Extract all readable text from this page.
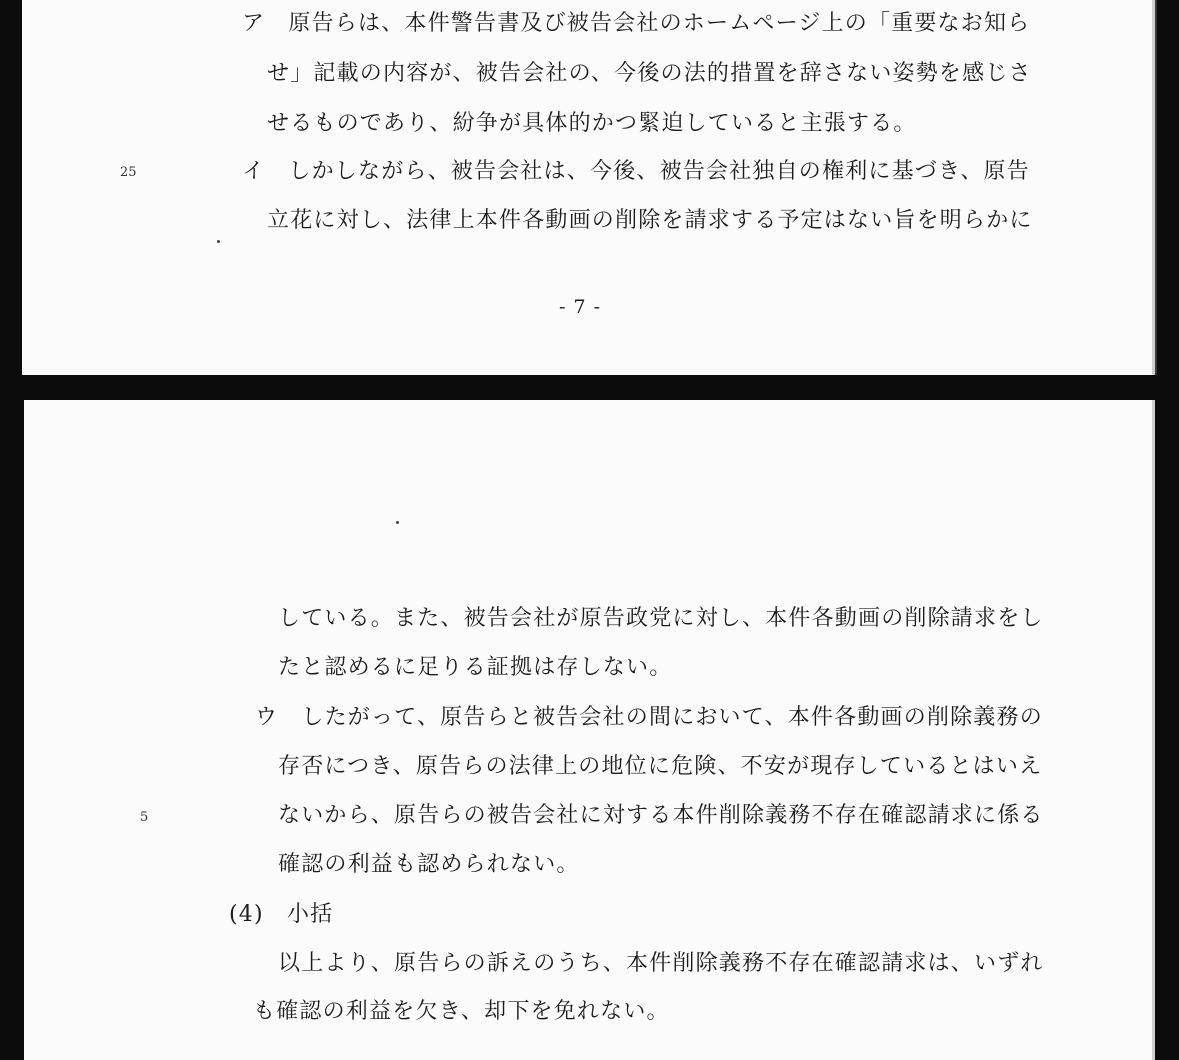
ア　原告らは、本件警告書及び被告会社のホームページ上の「重要なお知ら
せ」記載の内容が、被告会社の、今後の法的措置を辞さない姿勢を感じさ
せるものであり、紛争が具体的かつ緊迫していると主張する。
25	イ　しかしながら、被告会社は、今後、被告会社独自の権利に基づき、原告
立花に対し、法律上本件各動画の削除を請求する予定はない旨を明らかに
- 7 -
している。また、被告会社が原告政党に対し、本件各動画の削除請求をし
たと認めるに足りる証拠は存しない。
ウ　したがって、原告らと被告会社の間において、本件各動画の削除義務の
存否につき、原告らの法律上の地位に危険、不安が現存しているとはいえ
5	ないから、原告らの被告会社に対する本件削除義務不存在確認請求に係る
確認の利益も認められない。
(4)　小括
以上より、原告らの訴えのうち、本件削除義務不存在確認請求は、いずれ
も確認の利益を欠き、却下を免れない。
